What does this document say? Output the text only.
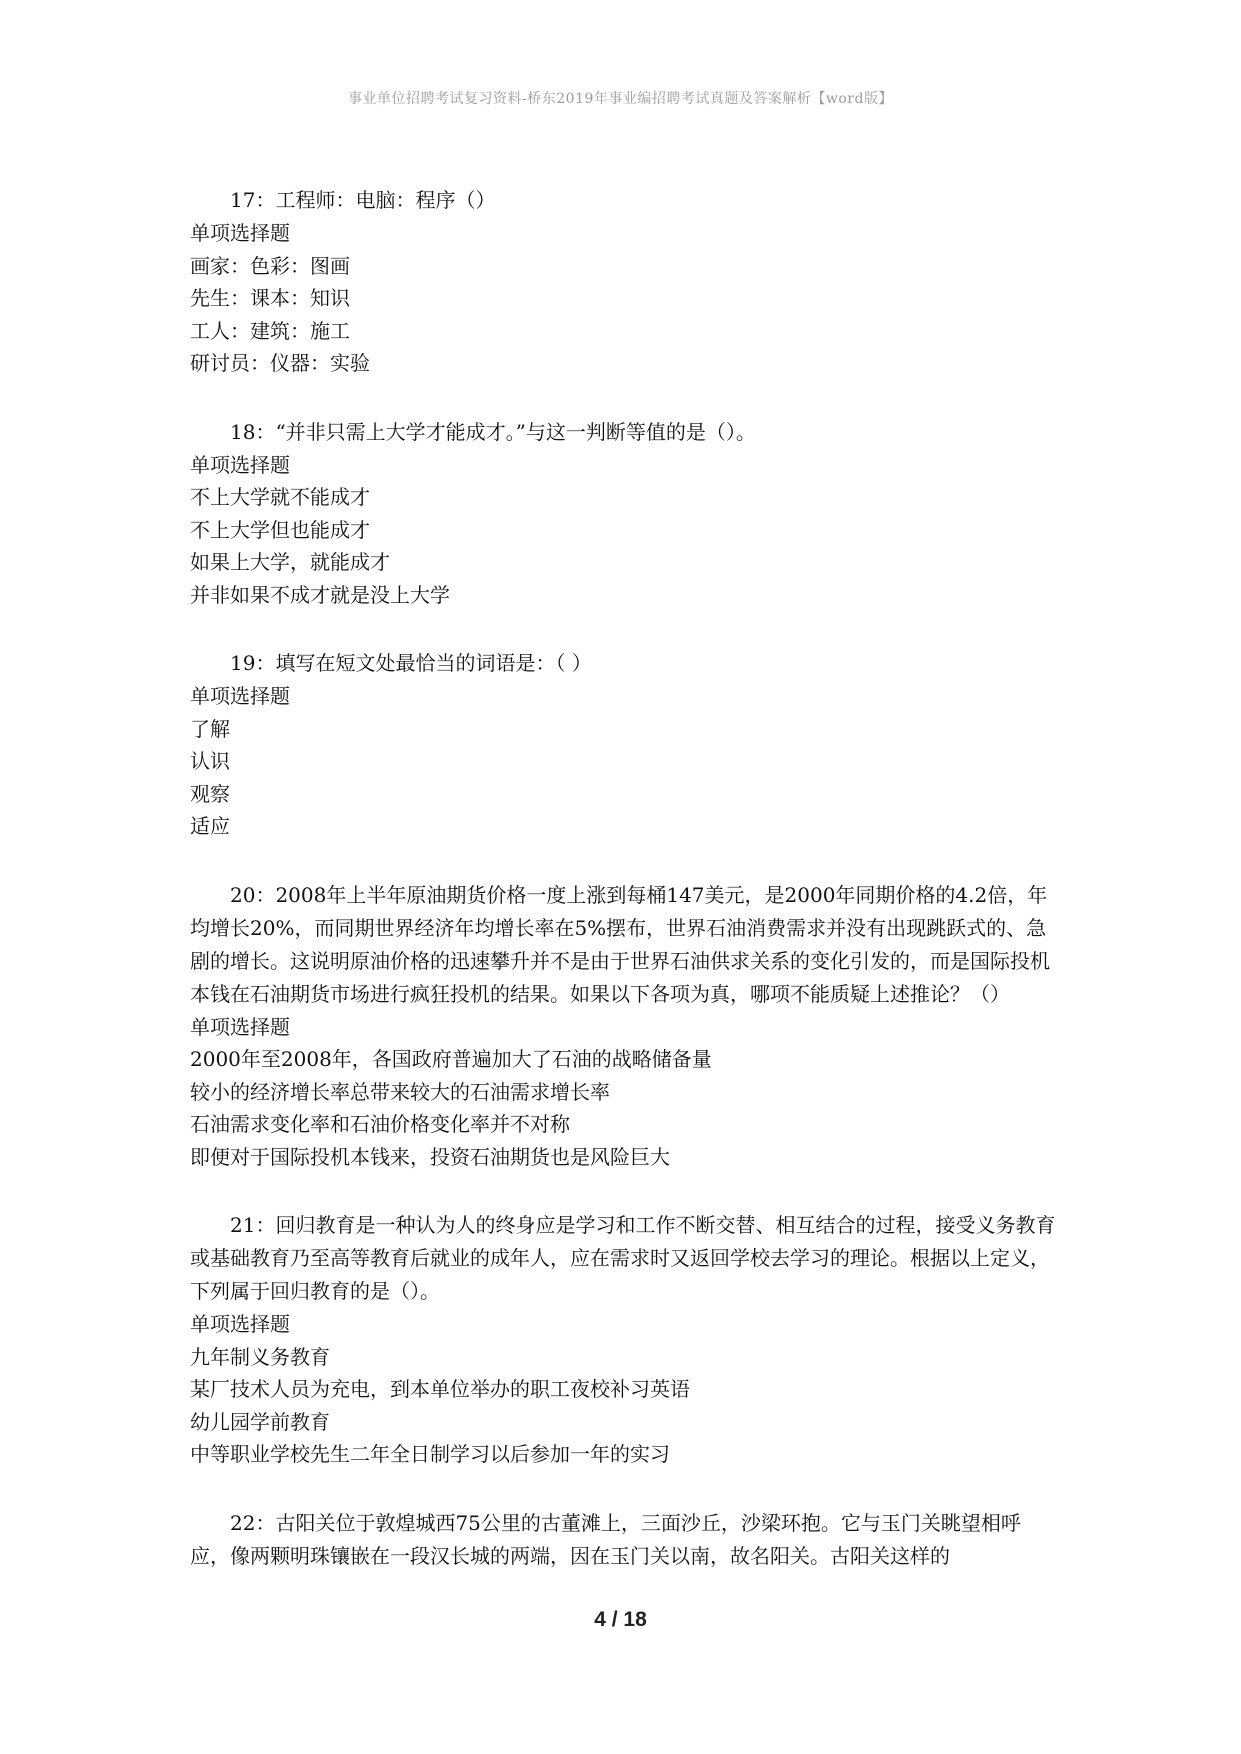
事业单位招聘考试复习资料-桥东2019年事业编招聘考试真题及答案解析【word版】

17：工程师：电脑：程序（）

单项选择题

画家：色彩：图画

先生：课本：知识

工人：建筑：施工

研讨员：仪器：实验

18：“并非只需上大学才能成才。”与这一判断等值的是（）。

单项选择题

不上大学就不能成才

不上大学但也能成才

如果上大学，就能成才

并非如果不成才就是没上大学

19：填写在短文处最恰当的词语是：（ ）

单项选择题

了解

认识

观察

适应

20：2008年上半年原油期货价格一度上涨到每桶147美元，是2000年同期价格的4.2倍，年均增长20%，而同期世界经济年均增长率在5%摆布，世界石油消费需求并没有出现跳跃式的、急剧的增长。这说明原油价格的迅速攀升并不是由于世界石油供求关系的变化引发的，而是国际投机本钱在石油期货市场进行疯狂投机的结果。如果以下各项为真，哪项不能质疑上述推论？（）

单项选择题

2000年至2008年，各国政府普遍加大了石油的战略储备量

较小的经济增长率总带来较大的石油需求增长率

石油需求变化率和石油价格变化率并不对称

即便对于国际投机本钱来，投资石油期货也是风险巨大

21：回归教育是一种认为人的终身应是学习和工作不断交替、相互结合的过程，接受义务教育或基础教育乃至高等教育后就业的成年人，应在需求时又返回学校去学习的理论。根据以上定义，下列属于回归教育的是（）。

单项选择题

九年制义务教育

某厂技术人员为充电，到本单位举办的职工夜校补习英语

幼儿园学前教育

中等职业学校先生二年全日制学习以后参加一年的实习

22：古阳关位于敦煌城西75公里的古董滩上，三面沙丘，沙梁环抱。它与玉门关眺望相呼应，像两颗明珠镶嵌在一段汉长城的两端，因在玉门关以南，故名阳关。古阳关这样的

4 / 18
